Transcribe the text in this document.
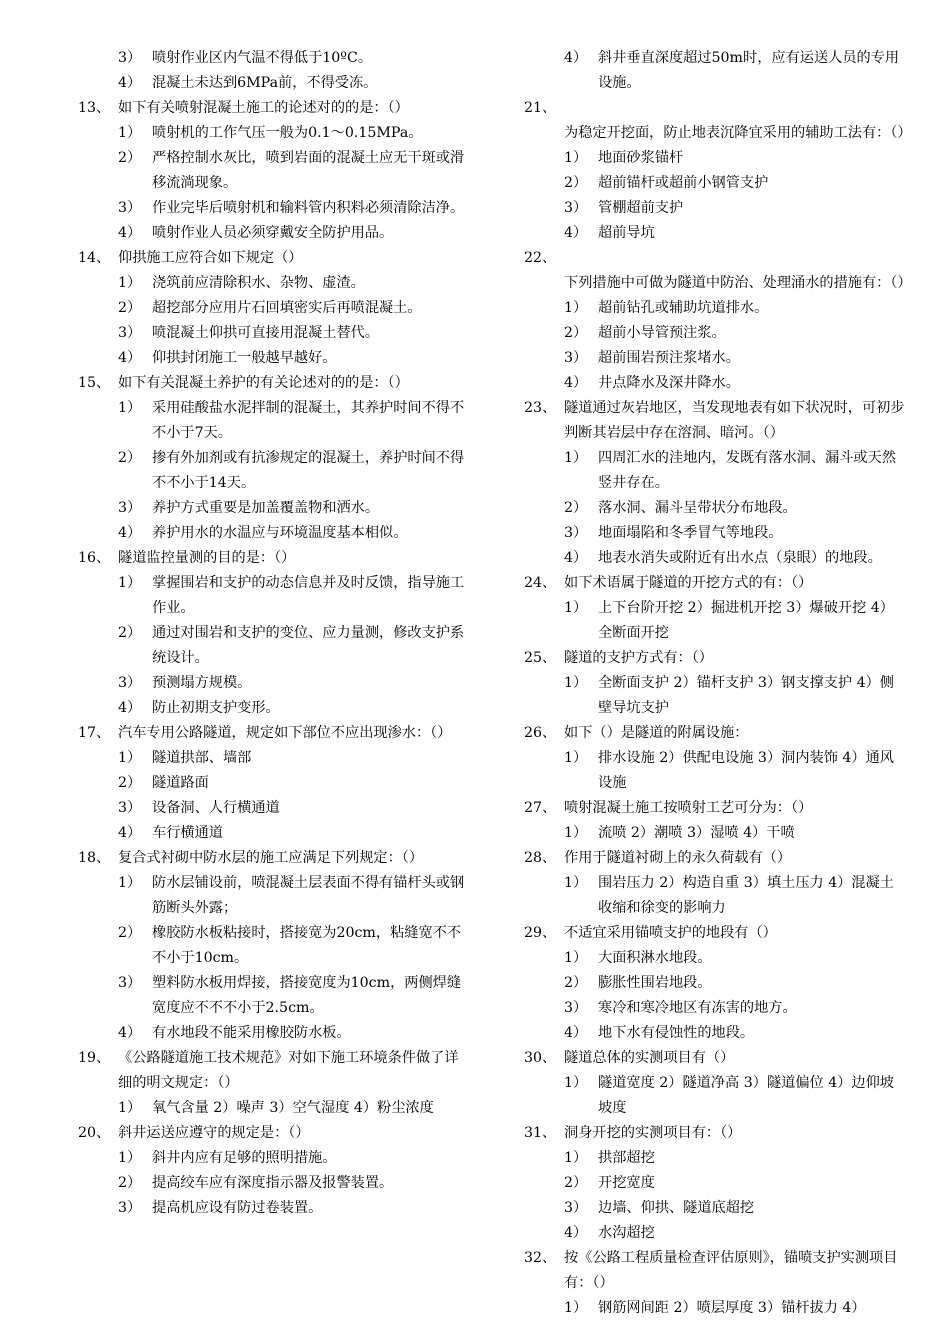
3） 喷射作业区内气温不得低于10ºC。
4） 混凝土未达到6MPa前，不得受冻。
13、 如下有关喷射混凝土施工的论述对的的是：（）
1） 喷射机的工作气压一般为0.1～0.15MPa。
2） 严格控制水灰比，喷到岩面的混凝土应无干斑或滑移流淌现象。
3） 作业完毕后喷射机和输料管内积料必须清除洁净。
4） 喷射作业人员必须穿戴安全防护用品。
14、 仰拱施工应符合如下规定（）
1） 浇筑前应清除积水、杂物、虚渣。
2） 超挖部分应用片石回填密实后再喷混凝土。
3） 喷混凝土仰拱可直接用混凝土替代。
4） 仰拱封闭施工一般越早越好。
15、 如下有关混凝土养护的有关论述对的的是：（）
1） 采用硅酸盐水泥拌制的混凝土，其养护时间不得不不小于7天。
2） 掺有外加剂或有抗渗规定的混凝土，养护时间不得不不小于14天。
3） 养护方式重要是加盖覆盖物和洒水。
4） 养护用水的水温应与环境温度基本相似。
16、 隧道监控量测的目的是：（）
1） 掌握围岩和支护的动态信息并及时反馈，指导施工作业。
2） 通过对围岩和支护的变位、应力量测，修改支护系统设计。
3） 预测塌方规模。
4） 防止初期支护变形。
17、 汽车专用公路隧道，规定如下部位不应出现渗水：（）
1） 隧道拱部、墙部
2） 隧道路面
3） 设备洞、人行横通道
4） 车行横通道
18、 复合式衬砌中防水层的施工应满足下列规定：（）
1） 防水层铺设前，喷混凝土层表面不得有锚杆头或钢筋断头外露；
2） 橡胶防水板粘接时，搭接宽为20cm，粘缝宽不不不小于10cm。
3） 塑料防水板用焊接，搭接宽度为10cm，两侧焊缝宽度应不不不小于2.5cm。
4） 有水地段不能采用橡胶防水板。
19、 《公路隧道施工技术规范》对如下施工环境条件做了详细的明文规定：（）
1） 氧气含量 2）噪声 3）空气湿度 4）粉尘浓度
20、 斜井运送应遵守的规定是：（）
1） 斜井内应有足够的照明措施。
2） 提高绞车应有深度指示器及报警装置。
3） 提高机应设有防过卷装置。
4） 斜井垂直深度超过50m时，应有运送人员的专用设施。
21、为稳定开挖面，防止地表沉降宜采用的辅助工法有：（）
1） 地面砂浆锚杆
2） 超前锚杆或超前小钢管支护
3） 管棚超前支护
4） 超前导坑
22、下列措施中可做为隧道中防治、处理涌水的措施有：（）
1） 超前钻孔或辅助坑道排水。
2） 超前小导管预注浆。
3） 超前围岩预注浆堵水。
4） 井点降水及深井降水。
23、 隧道通过灰岩地区，当发现地表有如下状况时，可初步判断其岩层中存在溶洞、暗河。（）
1） 四周汇水的洼地内，发既有落水洞、漏斗或天然竖井存在。
2） 落水洞、漏斗呈带状分布地段。
3） 地面塌陷和冬季冒气等地段。
4） 地表水消失或附近有出水点（泉眼）的地段。
24、 如下术语属于隧道的开挖方式的有：（）
1） 上下台阶开挖 2）掘进机开挖 3）爆破开挖 4）全断面开挖
25、 隧道的支护方式有：（）
1） 全断面支护 2）锚杆支护 3）钢支撑支护 4）侧壁导坑支护
26、 如下（）是隧道的附属设施：
1） 排水设施 2）供配电设施 3）洞内装饰 4）通风设施
27、 喷射混凝土施工按喷射工艺可分为：（）
1） 流喷 2）潮喷 3）湿喷 4）干喷
28、 作用于隧道衬砌上的永久荷载有（）
1） 围岩压力 2）构造自重 3）填土压力 4）混凝土收缩和徐变的影响力
29、 不适宜采用锚喷支护的地段有（）
1） 大面积淋水地段。
2） 膨胀性围岩地段。
3） 寒冷和寒冷地区有冻害的地方。
4） 地下水有侵蚀性的地段。
30、 隧道总体的实测项目有（）
1） 隧道宽度 2）隧道净高 3）隧道偏位 4）边仰坡坡度
31、 洞身开挖的实测项目有：（）
1） 拱部超挖
2） 开挖宽度
3） 边墙、仰拱、隧道底超挖
4） 水沟超挖
32、 按《公路工程质量检查评估原则》，锚喷支护实测项目有：（）
1） 钢筋网间距 2）喷层厚度 3）锚杆拔力 4）
